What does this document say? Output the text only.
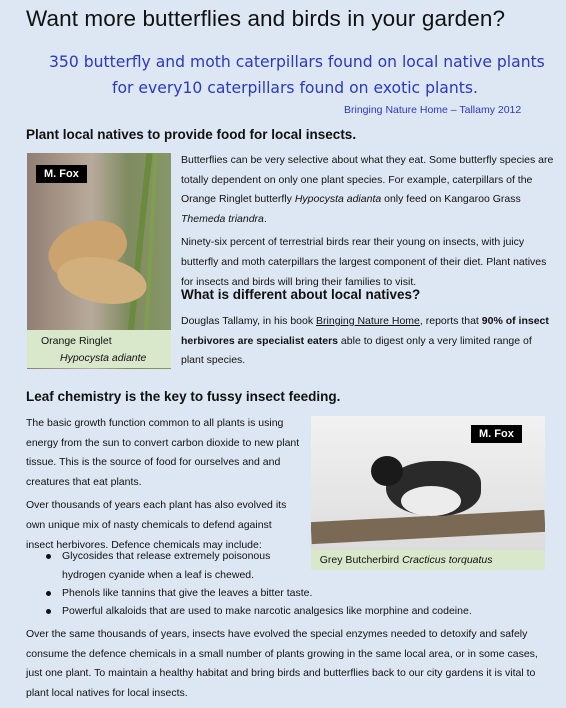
Want more butterflies and birds in your garden?
350 butterfly and moth caterpillars found on local native plants
for every10 caterpillars found on exotic plants.
Bringing Nature Home – Tallamy 2012
Plant local natives to provide food for local insects.
M. Fox
Orange Ringlet
Hypocysta adiante

Butterflies can be very selective about what they eat. Some butterfly species are totally dependent on only one plant species. For example, caterpillars of the Orange Ringlet butterfly Hypocysta adianta only feed on Kangaroo Grass Themeda triandra.

Ninety-six percent of terrestrial birds rear their young on insects, with juicy butterfly and moth caterpillars the largest component of their diet. Plant natives for insects and birds will bring their families to visit.

What is different about local natives?

Douglas Tallamy, in his book Bringing Nature Home, reports that 90% of insect herbivores are specialist eaters able to digest only a very limited range of plant species.

Leaf chemistry is the key to fussy insect feeding.

The basic growth function common to all plants is using energy from the sun to convert carbon dioxide to new plant tissue. This is the source of food for ourselves and and creatures that eat plants.

Over thousands of years each plant has also evolved its own unique mix of nasty chemicals to defend against insect herbivores. Defence chemicals may include:

M. Fox
Grey Butcherbird Cracticus torquatus
Glycosides that release extremely poisonous hydrogen cyanide when a leaf is chewed.
Phenols like tannins that give the leaves a bitter taste.
Powerful alkaloids that are used to make narcotic analgesics like morphine and codeine.

Over the same thousands of years, insects have evolved the special enzymes needed to detoxify and safely consume the defence chemicals in a small number of plants growing in the same local area, or in some cases, just one plant. To maintain a healthy habitat and bring birds and butterflies back to our city gardens it is vital to plant local natives for local insects.
